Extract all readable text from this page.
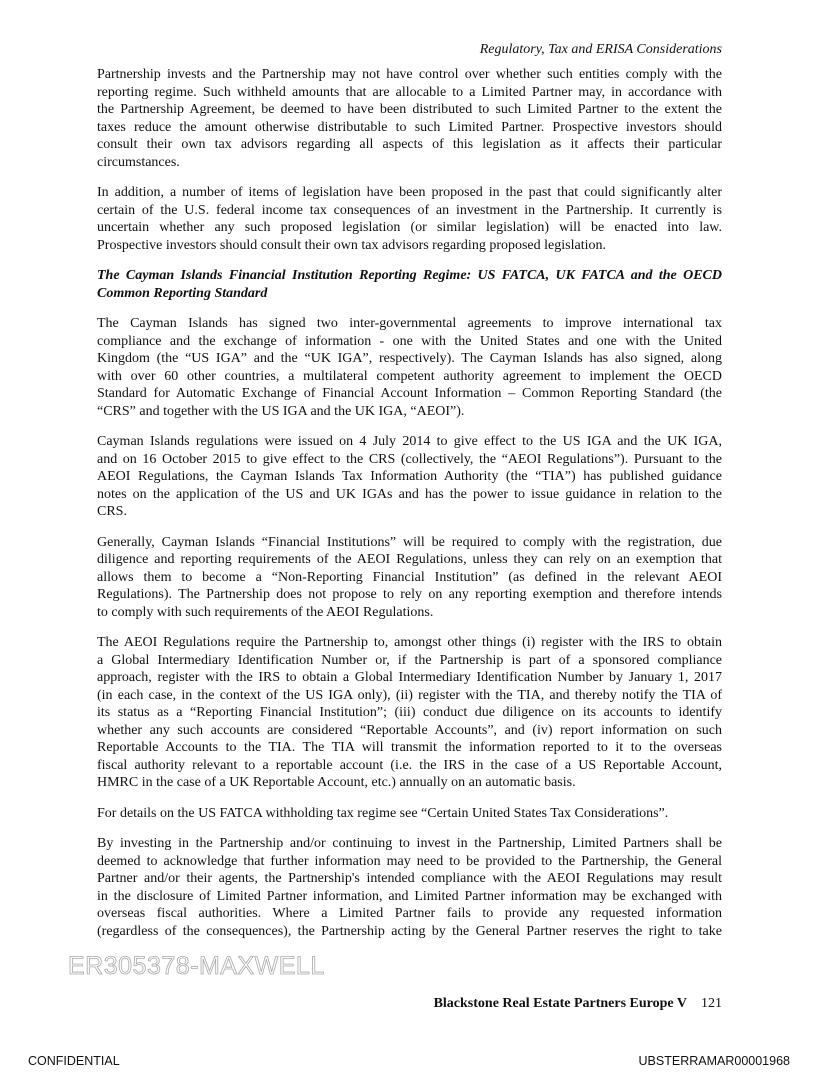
Regulatory, Tax and ERISA Considerations
Partnership invests and the Partnership may not have control over whether such entities comply with the
reporting regime. Such withheld amounts that are allocable to a Limited Partner may, in accordance with
the Partnership Agreement, be deemed to have been distributed to such Limited Partner to the extent the
taxes reduce the amount otherwise distributable to such Limited Partner. Prospective investors should
consult their own tax advisors regarding all aspects of this legislation as it affects their particular
circumstances.
In addition, a number of items of legislation have been proposed in the past that could significantly alter
certain of the U.S. federal income tax consequences of an investment in the Partnership. It currently is
uncertain whether any such proposed legislation (or similar legislation) will be enacted into law.
Prospective investors should consult their own tax advisors regarding proposed legislation.
The Cayman Islands Financial Institution Reporting Regime: US FATCA, UK FATCA and the OECD
Common Reporting Standard
The Cayman Islands has signed two inter-governmental agreements to improve international tax
compliance and the exchange of information - one with the United States and one with the United
Kingdom (the “US IGA” and the “UK IGA”, respectively). The Cayman Islands has also signed, along
with over 60 other countries, a multilateral competent authority agreement to implement the OECD
Standard for Automatic Exchange of Financial Account Information – Common Reporting Standard (the
“CRS” and together with the US IGA and the UK IGA, “AEOI”).
Cayman Islands regulations were issued on 4 July 2014 to give effect to the US IGA and the UK IGA,
and on 16 October 2015 to give effect to the CRS (collectively, the “AEOI Regulations”). Pursuant to the
AEOI Regulations, the Cayman Islands Tax Information Authority (the “TIA”) has published guidance
notes on the application of the US and UK IGAs and has the power to issue guidance in relation to the
CRS.
Generally, Cayman Islands “Financial Institutions” will be required to comply with the registration, due
diligence and reporting requirements of the AEOI Regulations, unless they can rely on an exemption that
allows them to become a “Non-Reporting Financial Institution” (as defined in the relevant AEOI
Regulations). The Partnership does not propose to rely on any reporting exemption and therefore intends
to comply with such requirements of the AEOI Regulations.
The AEOI Regulations require the Partnership to, amongst other things (i) register with the IRS to obtain
a Global Intermediary Identification Number or, if the Partnership is part of a sponsored compliance
approach, register with the IRS to obtain a Global Intermediary Identification Number by January 1, 2017
(in each case, in the context of the US IGA only), (ii) register with the TIA, and thereby notify the TIA of
its status as a “Reporting Financial Institution”; (iii) conduct due diligence on its accounts to identify
whether any such accounts are considered “Reportable Accounts”, and (iv) report information on such
Reportable Accounts to the TIA. The TIA will transmit the information reported to it to the overseas
fiscal authority relevant to a reportable account (i.e. the IRS in the case of a US Reportable Account,
HMRC in the case of a UK Reportable Account, etc.) annually on an automatic basis.
For details on the US FATCA withholding tax regime see “Certain United States Tax Considerations”.
By investing in the Partnership and/or continuing to invest in the Partnership, Limited Partners shall be
deemed to acknowledge that further information may need to be provided to the Partnership, the General
Partner and/or their agents, the Partnership's intended compliance with the AEOI Regulations may result
in the disclosure of Limited Partner information, and Limited Partner information may be exchanged with
overseas fiscal authorities. Where a Limited Partner fails to provide any requested information
(regardless of the consequences), the Partnership acting by the General Partner reserves the right to take
ER305378-MAXWELL
Blackstone Real Estate Partners Europe V 121
CONFIDENTIAL	UBSTERRAMAR00001968
